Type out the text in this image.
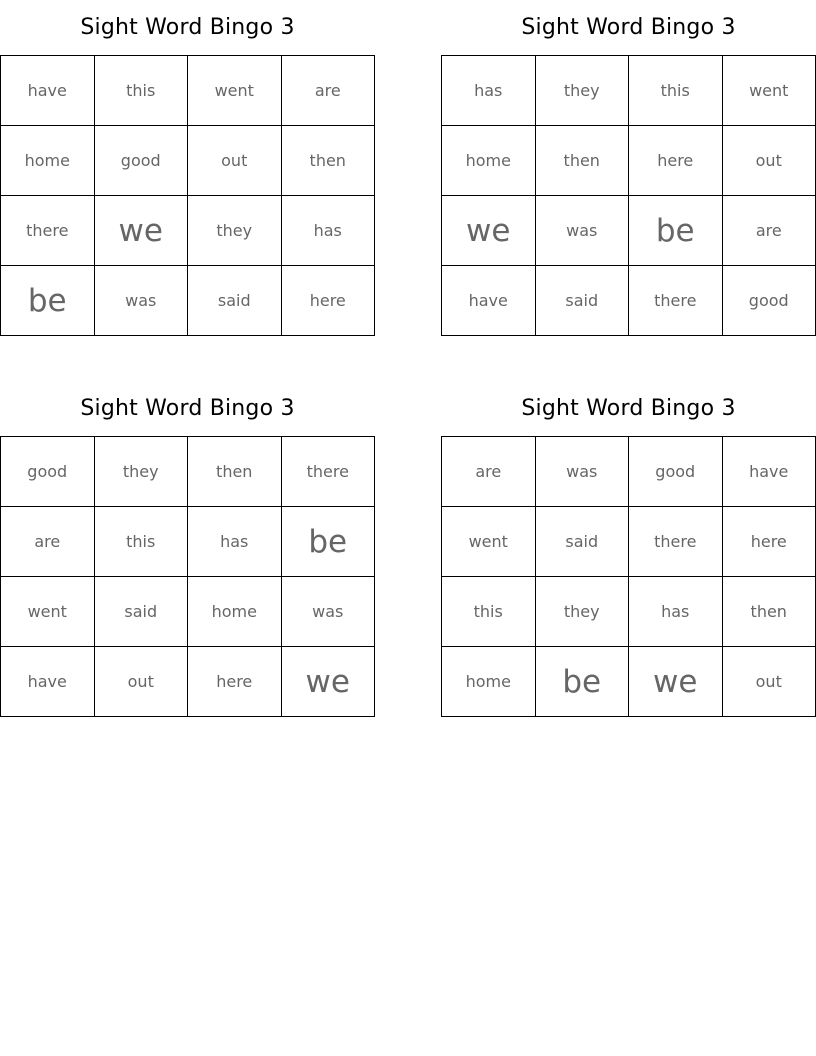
Sight Word Bingo 3
have	this	went	are
home	good	out	then
there	we	they	has
be	was	said	here
Sight Word Bingo 3
has	they	this	went
home	then	here	out
we	was	be	are
have	said	there	good
Sight Word Bingo 3
good	they	then	there
are	this	has	be
went	said	home	was
have	out	here	we
Sight Word Bingo 3
are	was	good	have
went	said	there	here
this	they	has	then
home	be	we	out
